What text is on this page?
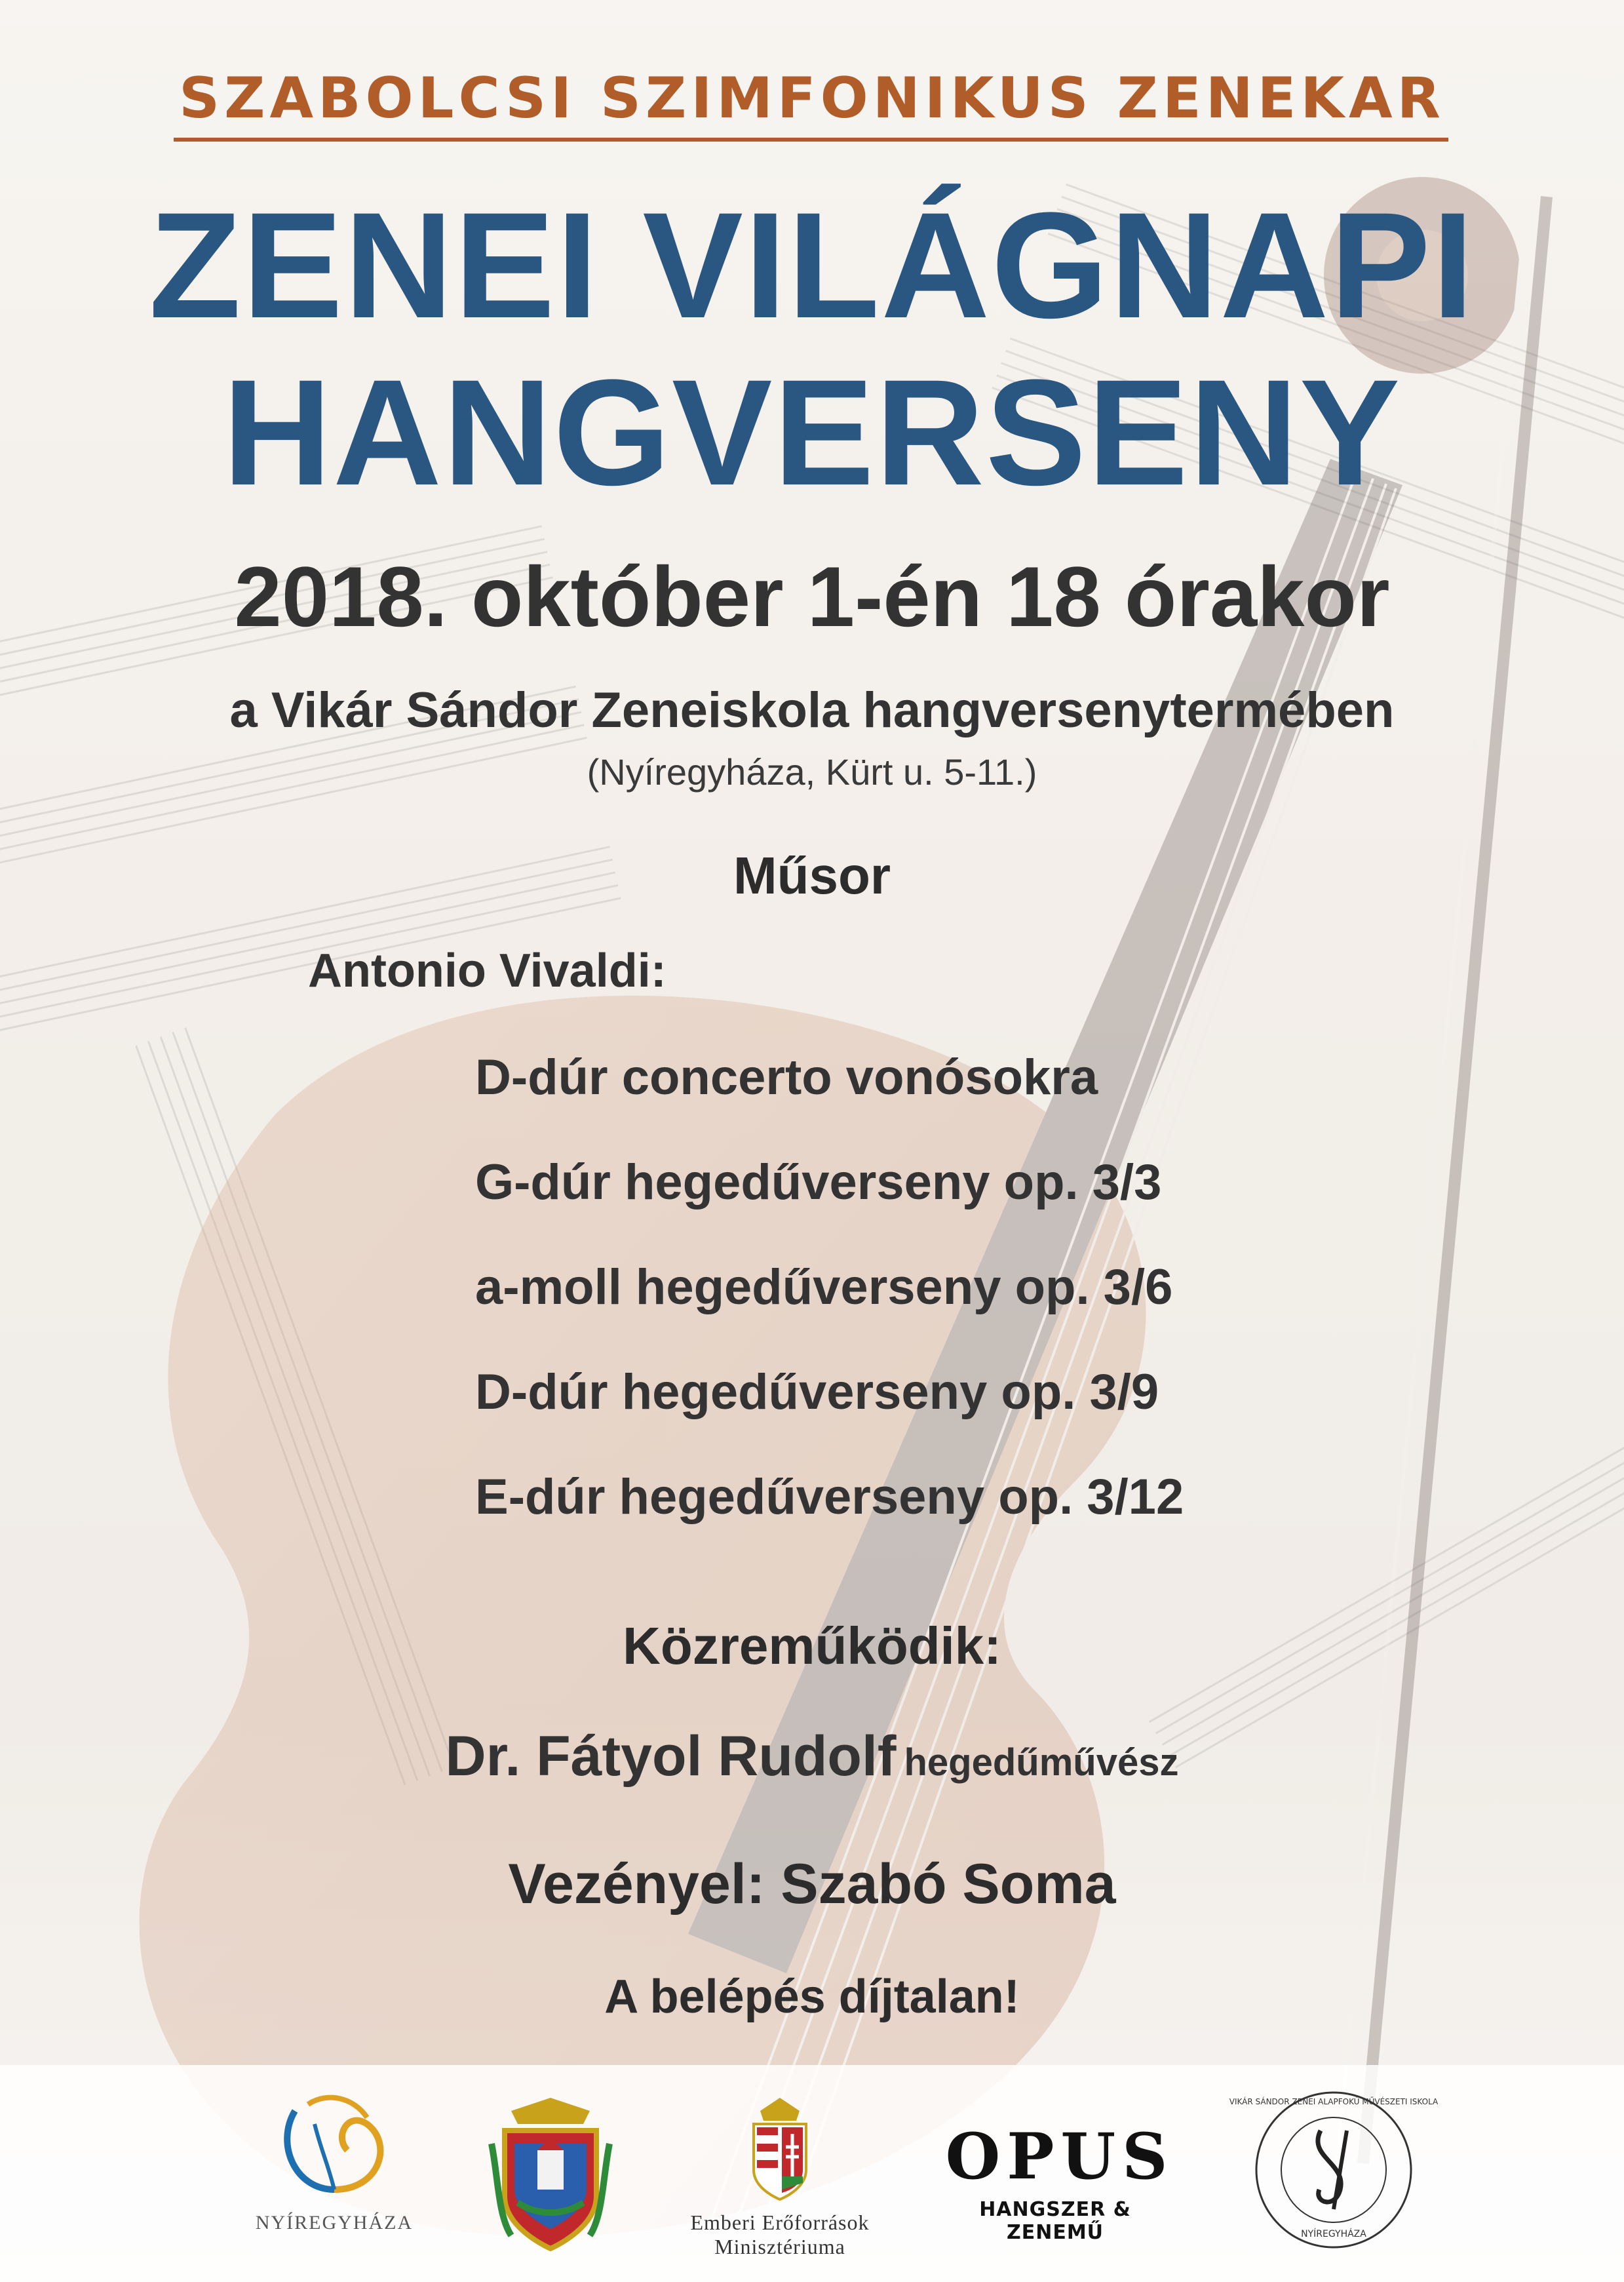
SZABOLCSI SZIMFONIKUS ZENEKAR
ZENEI VILÁGNAPI
HANGVERSENY
2018. október 1-én 18 órakor
a Vikár Sándor Zeneiskola hangversenytermében
(Nyíregyháza, Kürt u. 5-11.)
Műsor
Antonio Vivaldi:
D-dúr concerto vonósokra
G-dúr hegedűverseny op. 3/3
a-moll hegedűverseny op. 3/6
D-dúr hegedűverseny op. 3/9
E-dúr hegedűverseny op. 3/12
Közreműködik:
Dr. Fátyol Rudolf hegedűművész
Vezényel: Szabó Soma
A belépés díjtalan!
NYÍREGYHÁZA	Emberi Erőforrások
Minisztériuma
OPUS
HANGSZER & ZENEMŰ
VIKÁR SÁNDOR ZENEI ALAPFOKÚ MŰVÉSZETI ISKOLA
NYÍREGYHÁZA
